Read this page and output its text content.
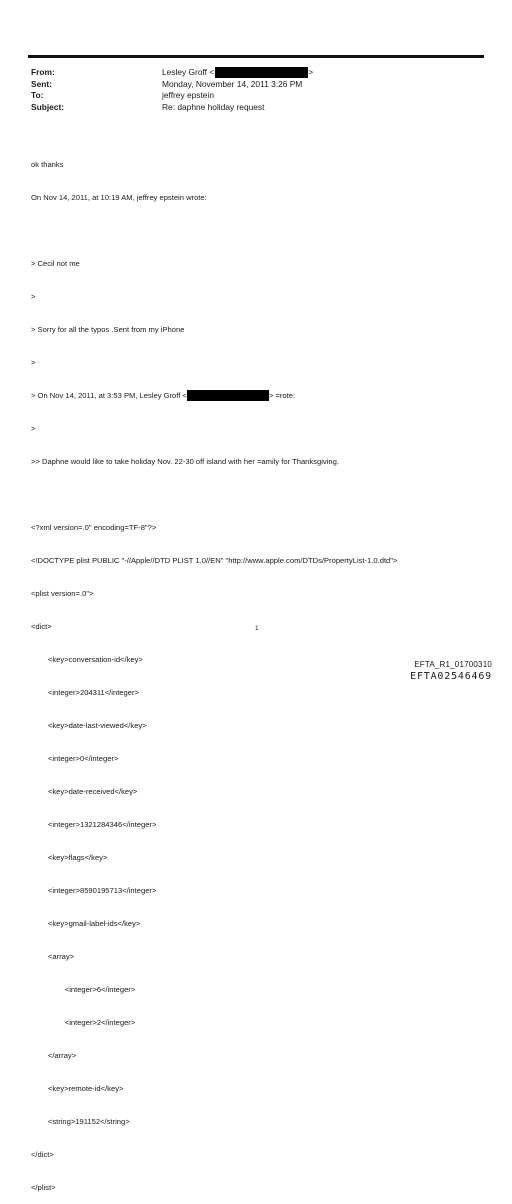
From:	Lesley Groff <	>
Sent:	Monday, November 14, 2011 3:26 PM
To:	jeffrey epstein
Subject:	Re: daphne holiday request

ok thanks

On Nov 14, 2011, at 10:19 AM, jeffrey epstein wrote:

> Cecil not me

>

> Sorry for all the typos .Sent from my iPhone

>

> On Nov 14, 2011, at 3:53 PM, Lesley Groff <	> =rote:

>

>> Daphne would like to take holiday Nov. 22-30 off island with her =amily for Thanksgiving.

<?xml version=.0" encoding=TF-8"?>

<!DOCTYPE plist PUBLIC "-//Apple//DTD PLIST 1.0//EN" "http://www.apple.com/DTDs/PropertyList-1.0.dtd">

<plist version=.0">

<dict>

<key>conversation-id</key>

<integer>204311</integer>

<key>date-last-viewed</key>

<integer>0</integer>

<key>date-received</key>

<integer>1321284346</integer>

<key>flags</key>

<integer>8590195713</integer>

<key>gmail-label-ids</key>

<array>

<integer>6</integer>

<integer>2</integer>

</array>

<key>remote-id</key>

<string>191152</string>

</dict>

</plist>

1
EFTA_R1_01700310
EFTA02546469
